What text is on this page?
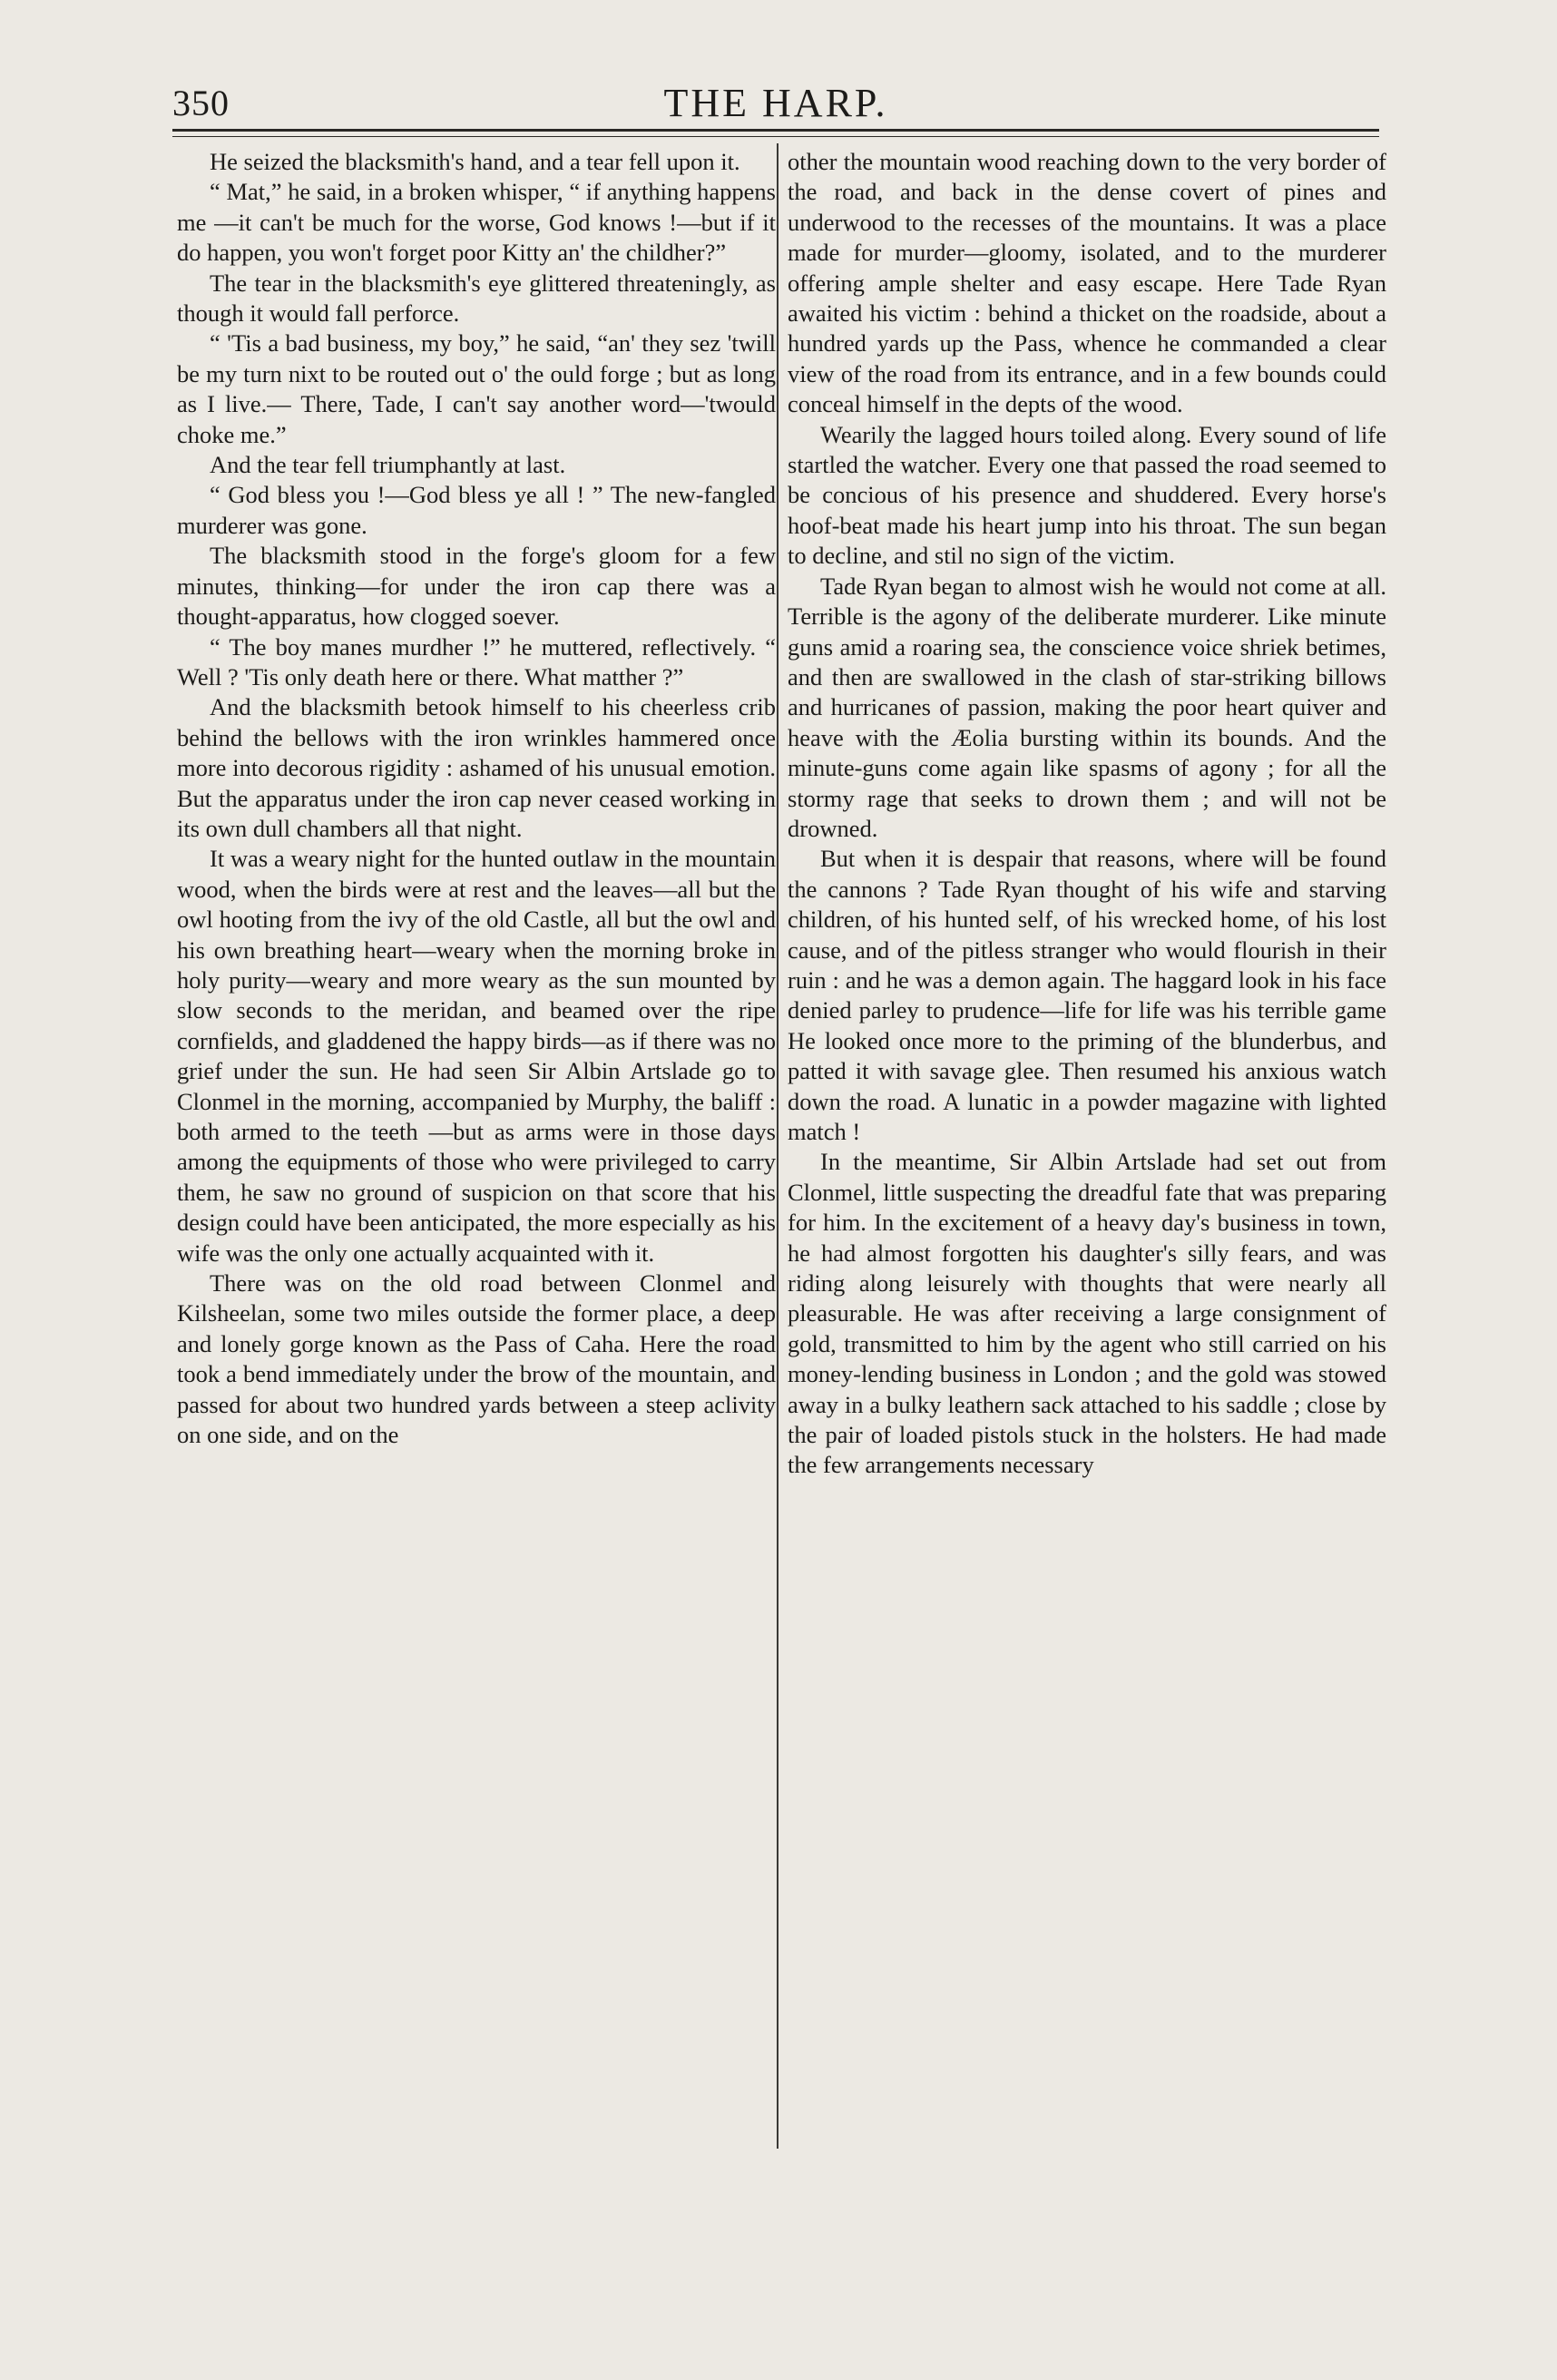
350	THE HARP.

He seized the blacksmith's hand, and a tear fell upon it.

“ Mat,” he said, in a broken whisper, “ if anything happens me —it can't be much for the worse, God knows !—but if it do happen, you won't forget poor Kitty an' the childher?”

The tear in the blacksmith's eye glittered threateningly, as though it would fall perforce.

“ 'Tis a bad business, my boy,” he said, “an' they sez 'twill be my turn nixt to be routed out o' the ould forge ; but as long as I live.— There, Tade, I can't say another word—'twould choke me.”

And the tear fell triumphantly at last.

“ God bless you !—God bless ye all ! ” The new-fangled murderer was gone.

The blacksmith stood in the forge's gloom for a few minutes, thinking—for under the iron cap there was a thought-apparatus, how clogged soever.

“ The boy manes murdher !” he muttered, reflectively. “ Well ? 'Tis only death here or there. What matther ?”

And the blacksmith betook himself to his cheerless crib behind the bellows with the iron wrinkles hammered once more into decorous rigidity : ashamed of his unusual emotion. But the apparatus under the iron cap never ceased working in its own dull chambers all that night.

It was a weary night for the hunted outlaw in the mountain wood, when the birds were at rest and the leaves—all but the owl hooting from the ivy of the old Castle, all but the owl and his own breathing heart—weary when the morning broke in holy purity—weary and more weary as the sun mounted by slow seconds to the meridan, and beamed over the ripe cornfields, and gladdened the happy birds—as if there was no grief under the sun. He had seen Sir Albin Artslade go to Clonmel in the morning, accompanied by Murphy, the baliff : both armed to the teeth —but as arms were in those days among the equipments of those who were privileged to carry them, he saw no ground of suspicion on that score that his design could have been anticipated, the more especially as his wife was the only one actually acquainted with it.

There was on the old road between Clonmel and Kilsheelan, some two miles outside the former place, a deep and lonely gorge known as the Pass of Caha. Here the road took a bend immediately under the brow of the mountain, and passed for about two hundred yards between a steep aclivity on one side, and on the

other the mountain wood reaching down to the very border of the road, and back in the dense covert of pines and underwood to the recesses of the mountains. It was a place made for murder—gloomy, isolated, and to the murderer offering ample shelter and easy escape. Here Tade Ryan awaited his victim : behind a thicket on the roadside, about a hundred yards up the Pass, whence he commanded a clear view of the road from its entrance, and in a few bounds could conceal himself in the depts of the wood.

Wearily the lagged hours toiled along. Every sound of life startled the watcher. Every one that passed the road seemed to be concious of his presence and shuddered. Every horse's hoof-beat made his heart jump into his throat. The sun began to decline, and stil no sign of the victim.

Tade Ryan began to almost wish he would not come at all. Terrible is the agony of the deliberate murderer. Like minute guns amid a roaring sea, the conscience voice shriek betimes, and then are swallowed in the clash of star-striking billows and hurricanes of passion, making the poor heart quiver and heave with the Æolia bursting within its bounds. And the minute-guns come again like spasms of agony ; for all the stormy rage that seeks to drown them ; and will not be drowned.

But when it is despair that reasons, where will be found the cannons ? Tade Ryan thought of his wife and starving children, of his hunted self, of his wrecked home, of his lost cause, and of the pitless stranger who would flourish in their ruin : and he was a demon again. The haggard look in his face denied parley to prudence—life for life was his terrible game He looked once more to the priming of the blunderbus, and patted it with savage glee. Then resumed his anxious watch down the road. A lunatic in a powder magazine with lighted match !

In the meantime, Sir Albin Artslade had set out from Clonmel, little suspecting the dreadful fate that was preparing for him. In the excitement of a heavy day's business in town, he had almost forgotten his daughter's silly fears, and was riding along leisurely with thoughts that were nearly all pleasurable. He was after receiving a large consignment of gold, transmitted to him by the agent who still carried on his money-lending business in London ; and the gold was stowed away in a bulky leathern sack attached to his saddle ; close by the pair of loaded pistols stuck in the holsters. He had made the few arrangements necessary
